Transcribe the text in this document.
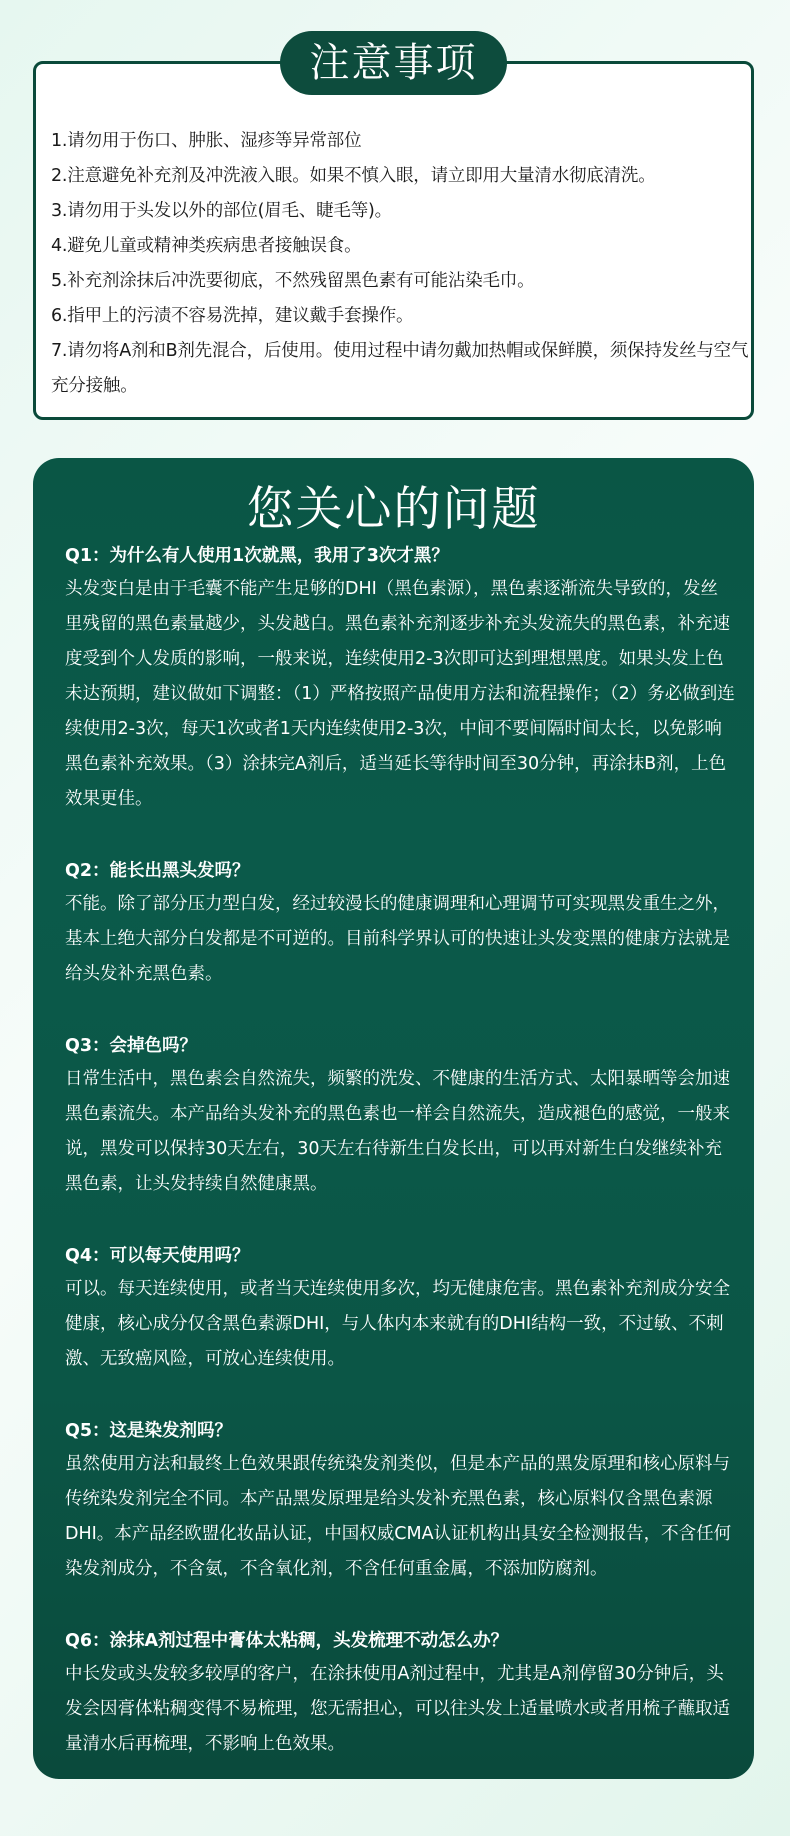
1.请勿用于伤口、肿胀、湿疹等异常部位
2.注意避免补充剂及冲洗液入眼。如果不慎入眼，请立即用大量清水彻底清洗。
3.请勿用于头发以外的部位(眉毛、睫毛等)。
4.避免儿童或精神类疾病患者接触误食。
5.补充剂涂抹后冲洗要彻底，不然残留黑色素有可能沾染毛巾。
6.指甲上的污渍不容易洗掉，建议戴手套操作。
7.请勿将A剂和B剂先混合，后使用。使用过程中请勿戴加热帽或保鲜膜，须保持发丝与空气充分接触。
注意事项
您关心的问题
Q1：为什么有人使用1次就黑，我用了3次才黑？

头发变白是由于毛囊不能产生足够的DHI（黑色素源），黑色素逐渐流失导致的，发丝里残留的黑色素量越少，头发越白。黑色素补充剂逐步补充头发流失的黑色素，补充速度受到个人发质的影响，一般来说，连续使用2-3次即可达到理想黑度。如果头发上色未达预期，建议做如下调整：（1）严格按照产品使用方法和流程操作；（2）务必做到连续使用2-3次，每天1次或者1天内连续使用2-3次，中间不要间隔时间太长，以免影响黑色素补充效果。（3）涂抹完A剂后，适当延长等待时间至30分钟，再涂抹B剂，上色效果更佳。

Q2：能长出黑头发吗？

不能。除了部分压力型白发，经过较漫长的健康调理和心理调节可实现黑发重生之外，基本上绝大部分白发都是不可逆的。目前科学界认可的快速让头发变黑的健康方法就是给头发补充黑色素。

Q3：会掉色吗？

日常生活中，黑色素会自然流失，频繁的洗发、不健康的生活方式、太阳暴晒等会加速黑色素流失。本产品给头发补充的黑色素也一样会自然流失，造成褪色的感觉，一般来说，黑发可以保持30天左右，30天左右待新生白发长出，可以再对新生白发继续补充黑色素，让头发持续自然健康黑。

Q4：可以每天使用吗？

可以。每天连续使用，或者当天连续使用多次，均无健康危害。黑色素补充剂成分安全健康，核心成分仅含黑色素源DHI，与人体内本来就有的DHI结构一致，不过敏、不刺激、无致癌风险，可放心连续使用。

Q5：这是染发剂吗？

虽然使用方法和最终上色效果跟传统染发剂类似，但是本产品的黑发原理和核心原料与传统染发剂完全不同。本产品黑发原理是给头发补充黑色素，核心原料仅含黑色素源DHI。本产品经欧盟化妆品认证，中国权威CMA认证机构出具安全检测报告，不含任何染发剂成分，不含氨，不含氧化剂，不含任何重金属，不添加防腐剂。

Q6：涂抹A剂过程中膏体太粘稠，头发梳理不动怎么办？

中长发或头发较多较厚的客户，在涂抹使用A剂过程中，尤其是A剂停留30分钟后，头发会因膏体粘稠变得不易梳理，您无需担心，可以往头发上适量喷水或者用梳子蘸取适量清水后再梳理，不影响上色效果。
